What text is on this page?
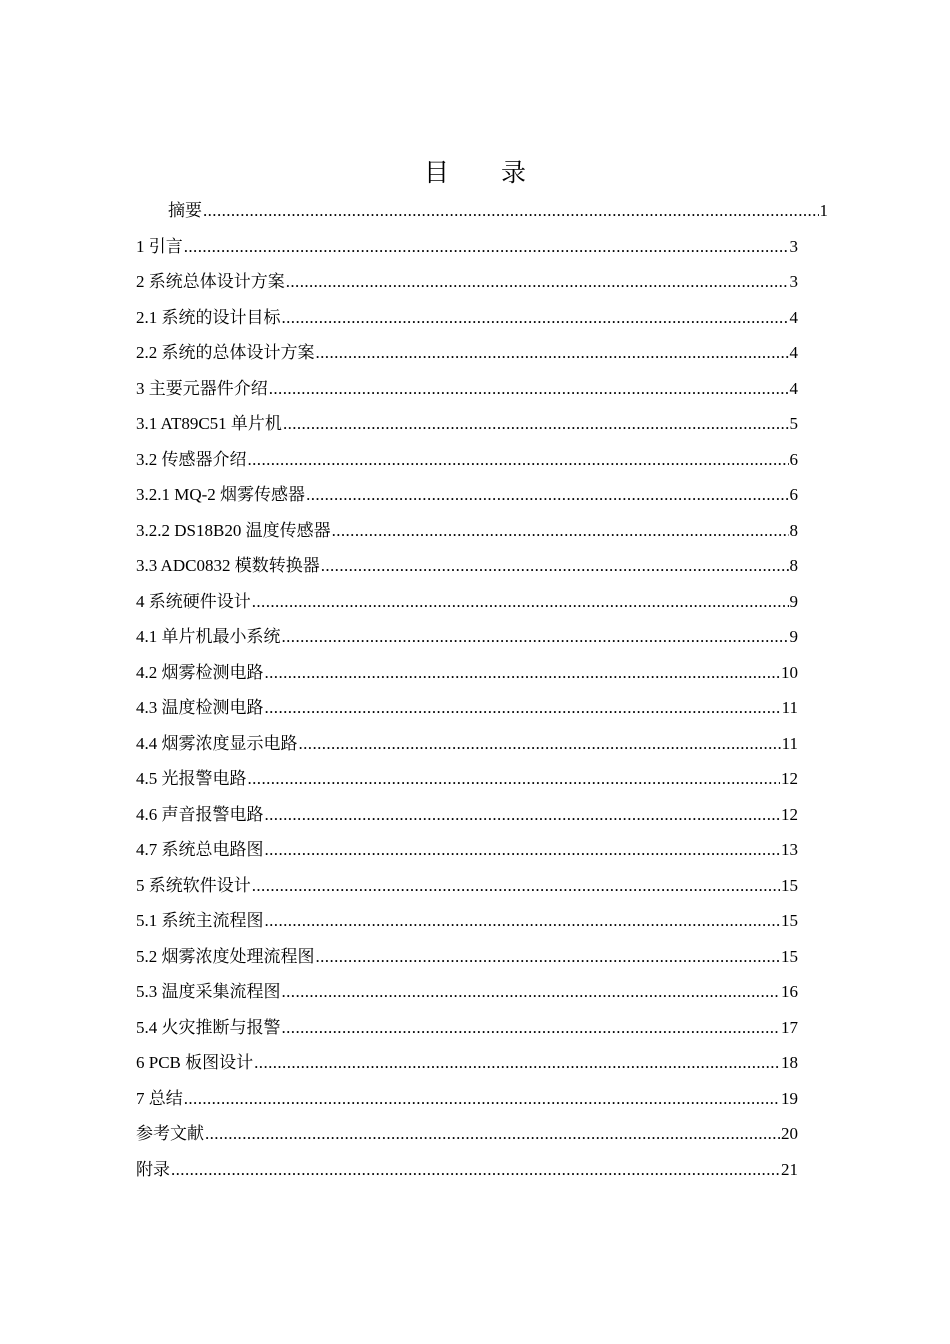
目 录
摘要 .....	1
1 引言 .....	3
2 系统总体设计方案 .....	3
2.1 系统的设计目标 .....	4
2.2 系统的总体设计方案 .....	4
3 主要元器件介绍 .....	4
3.1 AT89C51 单片机 .....	5
3.2 传感器介绍 .....	6
3.2.1 MQ-2 烟雾传感器 .....	6
3.2.2 DS18B20 温度传感器 .....	8
3.3 ADC0832 模数转换器 .....	8
4 系统硬件设计 .....	9
4.1 单片机最小系统 .....	9
4.2 烟雾检测电路 .....	10
4.3 温度检测电路 .....	11
4.4 烟雾浓度显示电路 .....	11
4.5 光报警电路 .....	12
4.6 声音报警电路 .....	12
4.7 系统总电路图 .....	13
5 系统软件设计 .....	15
5.1 系统主流程图 .....	15
5.2 烟雾浓度处理流程图 .....	15
5.3 温度采集流程图 .....	16
5.4 火灾推断与报警 .....	17
6 PCB 板图设计 .....	18
7 总结 .....	19
参考文献 .....	20
附录 .....	21
